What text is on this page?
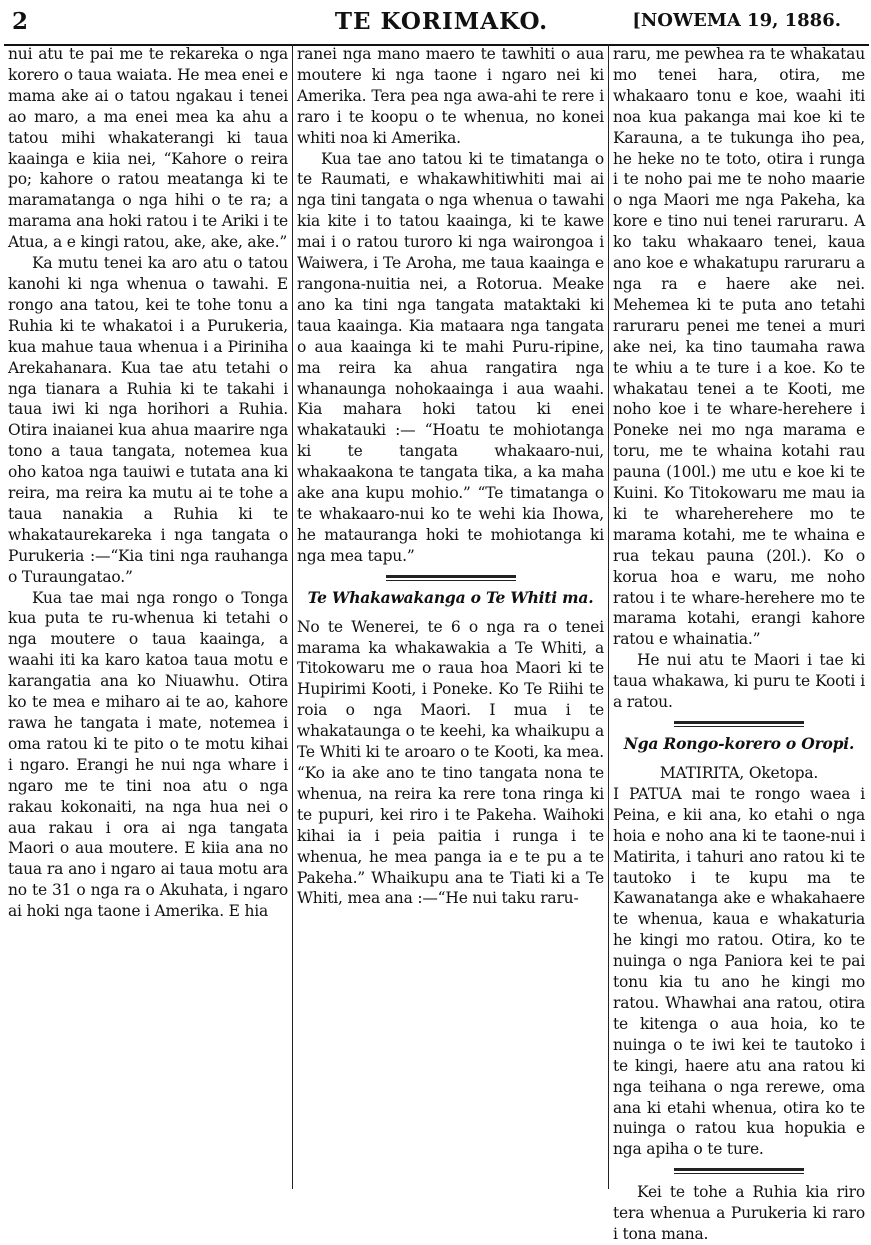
2	TE KORIMAKO.	[NOWEMA 19, 1886.

nui atu te pai me te rekareka o nga korero o taua waiata. He mea enei e mama ake ai o tatou ngakau i tenei ao maro, a ma enei mea ka ahu a tatou mihi whakaterangi ki taua kaainga e kiia nei, “Kahore o reira po; kahore o ratou meatanga ki te maramatanga o nga hihi o te ra; a marama ana hoki ratou i te Ariki i te Atua, a e kingi ratou, ake, ake, ake.”

Ka mutu tenei ka aro atu o tatou kanohi ki nga whenua o tawahi. E rongo ana tatou, kei te tohe tonu a Ruhia ki te whakatoi i a Purukeria, kua mahue taua whenua i a Piriniha Arekahanara. Kua tae atu tetahi o nga tianara a Ruhia ki te takahi i taua iwi ki nga horihori a Ruhia. Otira inaianei kua ahua maarire nga tono a taua tangata, notemea kua oho katoa nga tauiwi e tutata ana ki reira, ma reira ka mutu ai te tohe a taua nanakia a Ruhia ki te whakataurekareka i nga tangata o Purukeria :—“Kia tini nga rauhanga o Turaungatao.”

Kua tae mai nga rongo o Tonga kua puta te ru-whenua ki tetahi o nga moutere o taua kaainga, a waahi iti ka karo katoa taua motu e karangatia ana ko Niuawhu. Otira ko te mea e miharo ai te ao, kahore rawa he tangata i mate, notemea i oma ratou ki te pito o te motu kihai i ngaro. Erangi he nui nga whare i ngaro me te tini noa atu o nga rakau kokonaiti, na nga hua nei o aua rakau i ora ai nga tangata Maori o aua moutere. E kiia ana no taua ra ano i ngaro ai taua motu ara no te 31 o nga ra o Akuhata, i ngaro ai hoki nga taone i Amerika. E hia

ranei nga mano maero te tawhiti o aua moutere ki nga taone i ngaro nei ki Amerika. Tera pea nga awa-ahi te rere i raro i te koopu o te whenua, no konei whiti noa ki Amerika.

Kua tae ano tatou ki te timatanga o te Raumati, e whakawhitiwhiti mai ai nga tini tangata o nga whenua o tawahi kia kite i to tatou kaainga, ki te kawe mai i o ratou turoro ki nga wairongoa i Waiwera, i Te Aroha, me taua kaainga e rangona-nuitia nei, a Rotorua. Meake ano ka tini nga tangata mataktaki ki taua kaainga. Kia mataara nga tangata o aua kaainga ki te mahi Puru-ripine, ma reira ka ahua rangatira nga whanaunga nohokaainga i aua waahi. Kia mahara hoki tatou ki enei whakatauki :— “Hoatu te mohiotanga ki te tangata whakaaro-nui, whakaakona te tangata tika, a ka maha ake ana kupu mohio.” “Te timatanga o te whakaaro-nui ko te wehi kia Ihowa, he matauranga hoki te mohiotanga ki nga mea tapu.”

Te Whakawakanga o Te Whiti ma.

No te Wenerei, te 6 o nga ra o tenei marama ka whakawakia a Te Whiti, a Titokowaru me o raua hoa Maori ki te Hupirimi Kooti, i Poneke. Ko Te Riihi te roia o nga Maori. I mua i te whakataunga o te keehi, ka whaikupu a Te Whiti ki te aroaro o te Kooti, ka mea. “Ko ia ake ano te tino tangata nona te whenua, na reira ka rere tona ringa ki te pupuri, kei riro i te Pakeha. Waihoki kihai ia i peia paitia i runga i te whenua, he mea panga ia e te pu a te Pakeha.” Whaikupu ana te Tiati ki a Te Whiti, mea ana :—“He nui taku raru-

raru, me pewhea ra te whakatau mo tenei hara, otira, me whakaaro tonu e koe, waahi iti noa kua pakanga mai koe ki te Karauna, a te tukunga iho pea, he heke no te toto, otira i runga i te noho pai me te noho maarie o nga Maori me nga Pakeha, ka kore e tino nui tenei raruraru. A ko taku whakaaro tenei, kaua ano koe e whakatupu raruraru a nga ra e haere ake nei. Mehemea ki te puta ano tetahi raruraru penei me tenei a muri ake nei, ka tino taumaha rawa te whiu a te ture i a koe. Ko te whakatau tenei a te Kooti, me noho koe i te whare-herehere i Poneke nei mo nga marama e toru, me te whaina kotahi rau pauna (100l.) me utu e koe ki te Kuini. Ko Titokowaru me mau ia ki te whareherehere mo te marama kotahi, me te whaina e rua tekau pauna (20l.). Ko o korua hoa e waru, me noho ratou i te whare-herehere mo te marama kotahi, erangi kahore ratou e whainatia.”

He nui atu te Maori i tae ki taua whakawa, ki puru te Kooti i a ratou.

Nga Rongo-korero o Oropi.
MATIRITA, Oketopa.

I PATUA mai te rongo waea i Peina, e kii ana, ko etahi o nga hoia e noho ana ki te taone-nui i Matirita, i tahuri ano ratou ki te tautoko i te kupu ma te Kawanatanga ake e whakahaere te whenua, kaua e whakaturia he kingi mo ratou. Otira, ko te nuinga o nga Paniora kei te pai tonu kia tu ano he kingi mo ratou. Whawhai ana ratou, otira te kitenga o aua hoia, ko te nuinga o te iwi kei te tautoko i te kingi, haere atu ana ratou ki nga teihana o nga rerewe, oma ana ki etahi whenua, otira ko te nuinga o ratou kua hopukia e nga apiha o te ture.

Kei te tohe a Ruhia kia riro tera whenua a Purukeria ki raro i tona mana.
